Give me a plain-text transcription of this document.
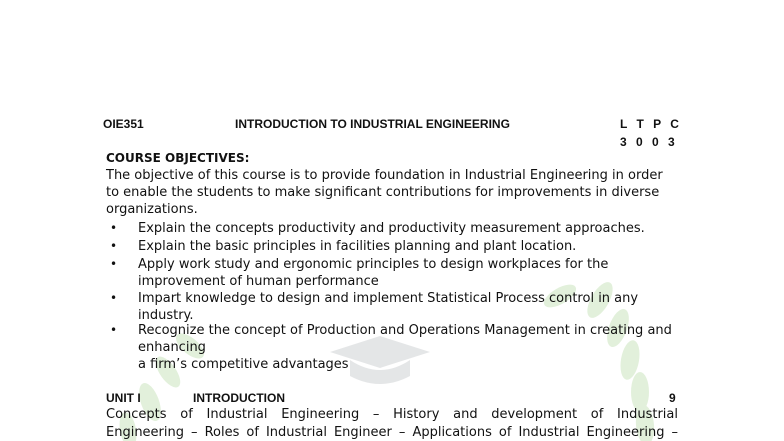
OIE351	INTRODUCTION TO INDUSTRIAL ENGINEERING	L T P C
3 0 0 3
COURSE OBJECTIVES:
The objective of this course is to provide foundation in Industrial Engineering in order
to enable the students to make significant contributions for improvements in diverse
organizations.
• Explain the concepts productivity and productivity measurement approaches.
• Explain the basic principles in facilities planning and plant location.
• Apply work study and ergonomic principles to design workplaces for the
improvement of human performance
• Impart knowledge to design and implement Statistical Process control in any
industry.
• Recognize the concept of Production and Operations Management in creating and
enhancing
a firm’s competitive advantages
UNIT I	INTRODUCTION	9
Concepts of Industrial Engineering – History and development of Industrial
Engineering – Roles of Industrial Engineer – Applications of Industrial Engineering –
